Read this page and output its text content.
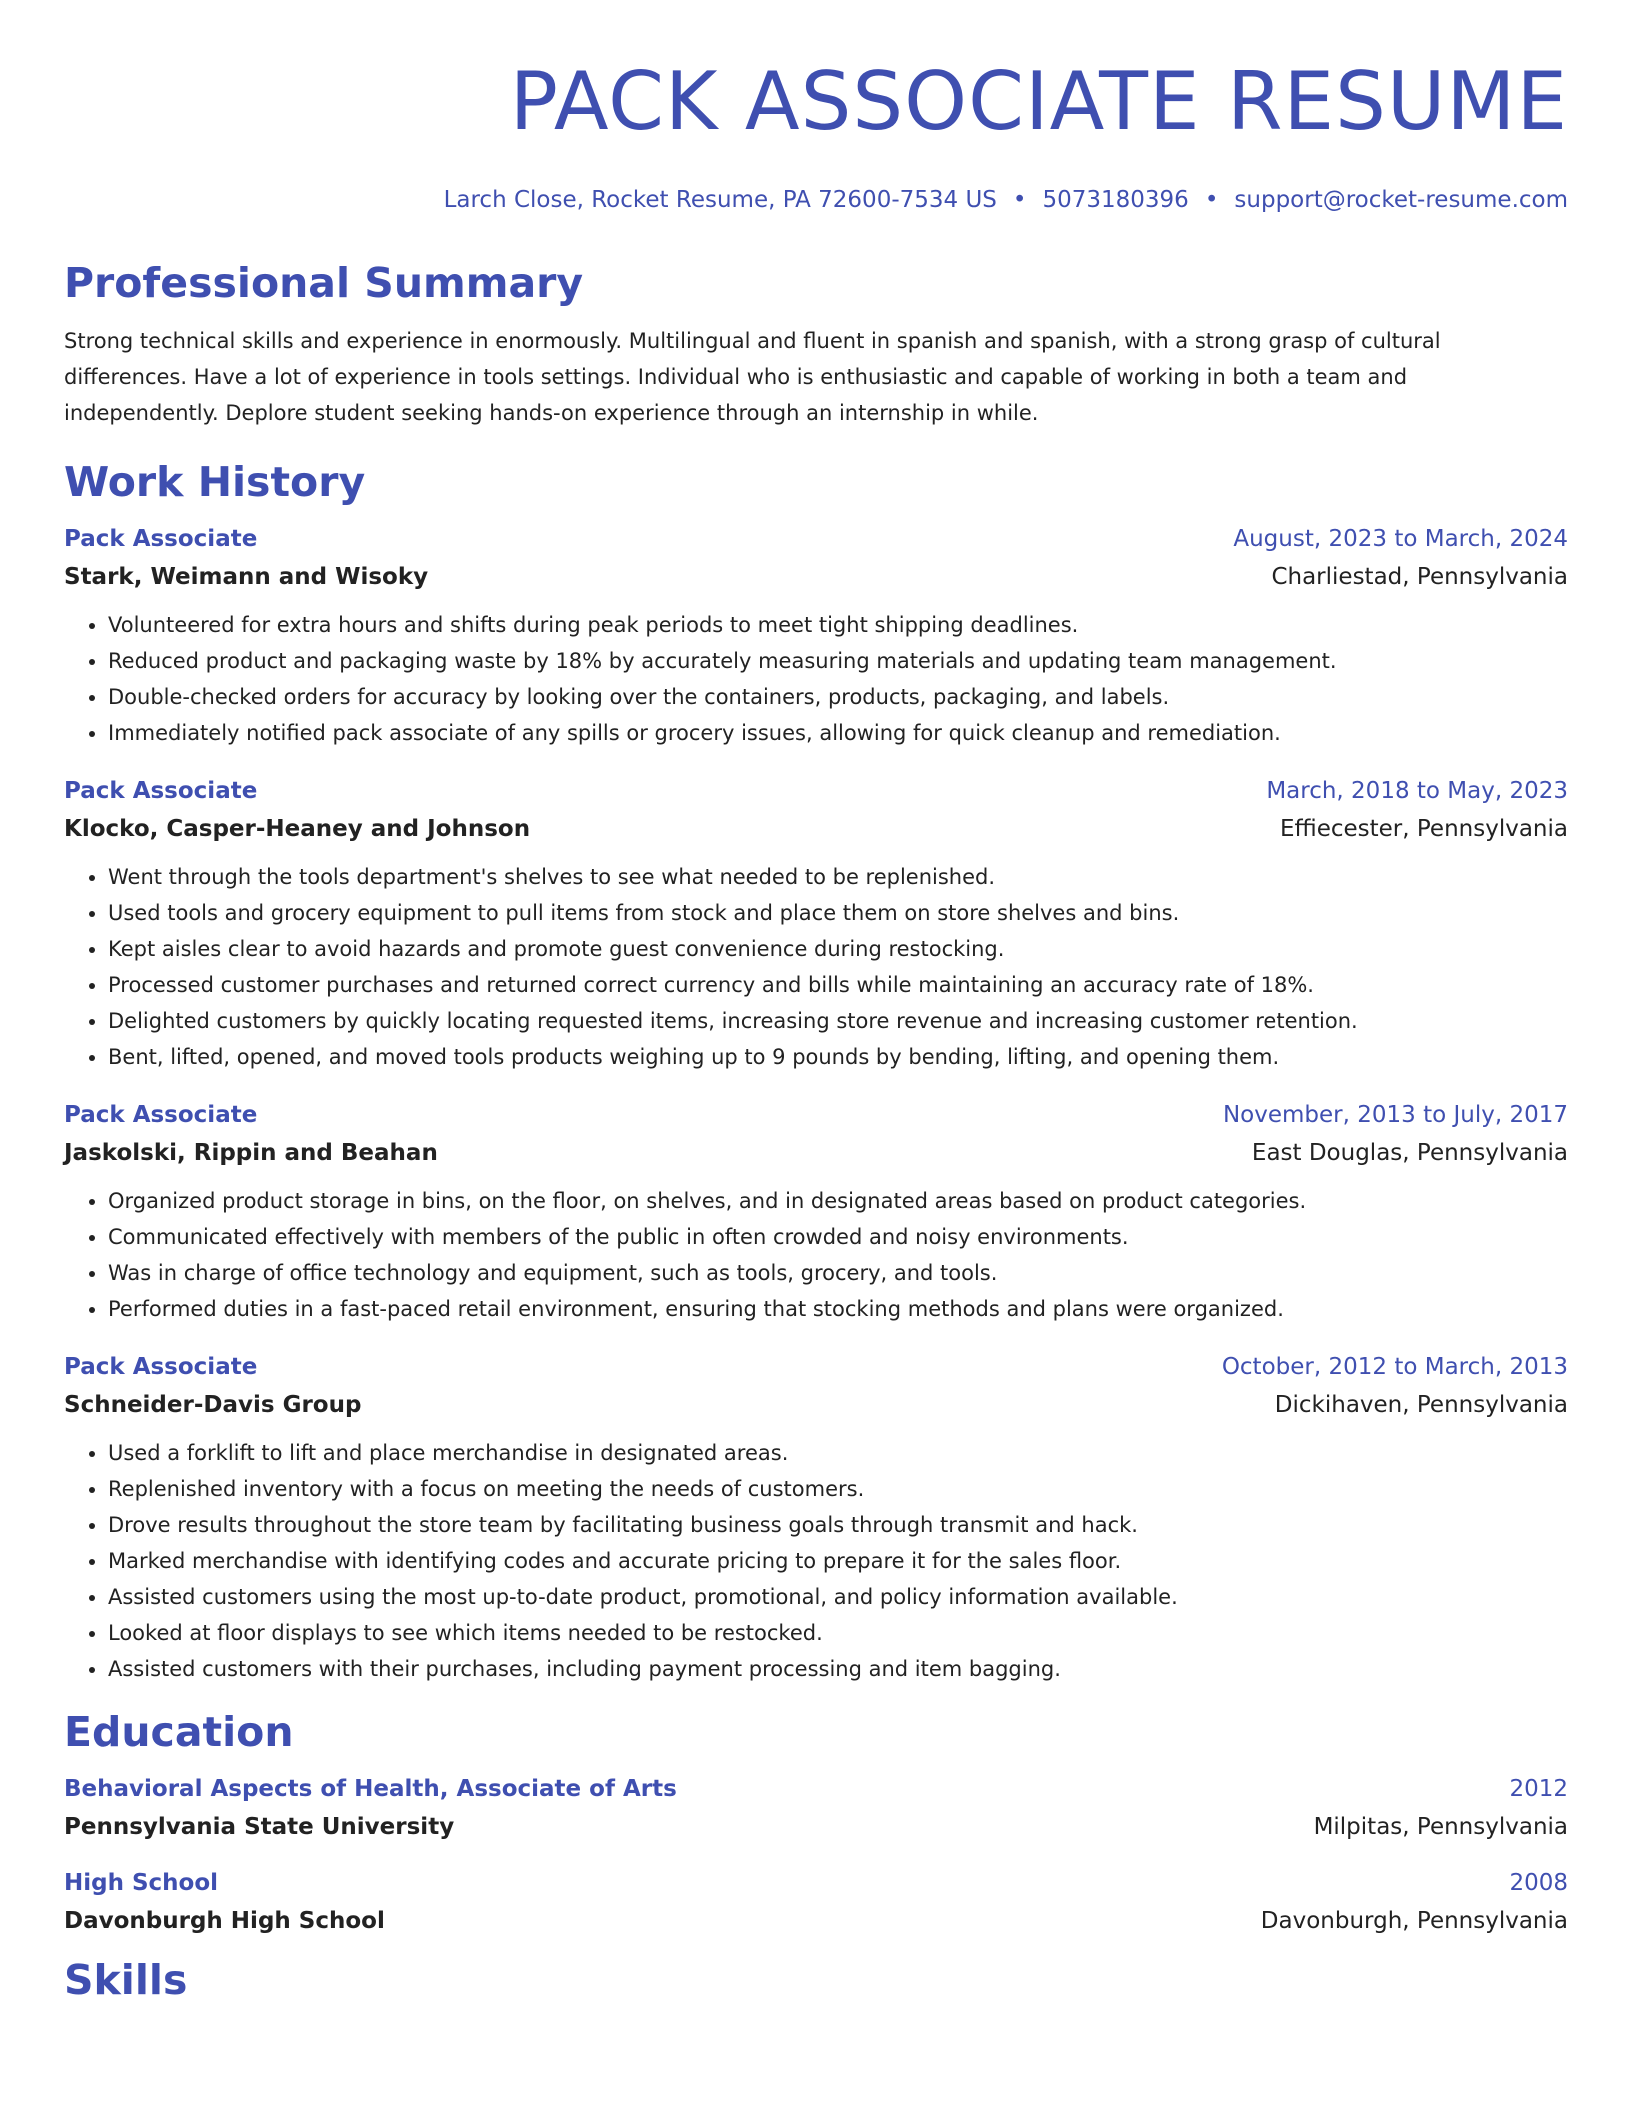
PACK ASSOCIATE RESUME
Larch Close, Rocket Resume, PA 72600-7534 US • 5073180396 • support@rocket-resume.com
Professional Summary
Strong technical skills and experience in enormously. Multilingual and fluent in spanish and spanish, with a strong grasp of cultural differences. Have a lot of experience in tools settings. Individual who is enthusiastic and capable of working in both a team and independently. Deplore student seeking hands-on experience through an internship in while.
Work History
Pack Associate	August, 2023 to March, 2024
Stark, Weimann and Wisoky	Charliestad, Pennsylvania
• Volunteered for extra hours and shifts during peak periods to meet tight shipping deadlines.
• Reduced product and packaging waste by 18% by accurately measuring materials and updating team management.
• Double-checked orders for accuracy by looking over the containers, products, packaging, and labels.
• Immediately notified pack associate of any spills or grocery issues, allowing for quick cleanup and remediation.
Pack Associate	March, 2018 to May, 2023
Klocko, Casper-Heaney and Johnson	Effiecester, Pennsylvania
• Went through the tools department's shelves to see what needed to be replenished.
• Used tools and grocery equipment to pull items from stock and place them on store shelves and bins.
• Kept aisles clear to avoid hazards and promote guest convenience during restocking.
• Processed customer purchases and returned correct currency and bills while maintaining an accuracy rate of 18%.
• Delighted customers by quickly locating requested items, increasing store revenue and increasing customer retention.
• Bent, lifted, opened, and moved tools products weighing up to 9 pounds by bending, lifting, and opening them.
Pack Associate	November, 2013 to July, 2017
Jaskolski, Rippin and Beahan	East Douglas, Pennsylvania
• Organized product storage in bins, on the floor, on shelves, and in designated areas based on product categories.
• Communicated effectively with members of the public in often crowded and noisy environments.
• Was in charge of office technology and equipment, such as tools, grocery, and tools.
• Performed duties in a fast-paced retail environment, ensuring that stocking methods and plans were organized.
Pack Associate	October, 2012 to March, 2013
Schneider-Davis Group	Dickihaven, Pennsylvania
• Used a forklift to lift and place merchandise in designated areas.
• Replenished inventory with a focus on meeting the needs of customers.
• Drove results throughout the store team by facilitating business goals through transmit and hack.
• Marked merchandise with identifying codes and accurate pricing to prepare it for the sales floor.
• Assisted customers using the most up-to-date product, promotional, and policy information available.
• Looked at floor displays to see which items needed to be restocked.
• Assisted customers with their purchases, including payment processing and item bagging.
Education
Behavioral Aspects of Health, Associate of Arts	2012
Pennsylvania State University	Milpitas, Pennsylvania
High School	2008
Davonburgh High School	Davonburgh, Pennsylvania
Skills
